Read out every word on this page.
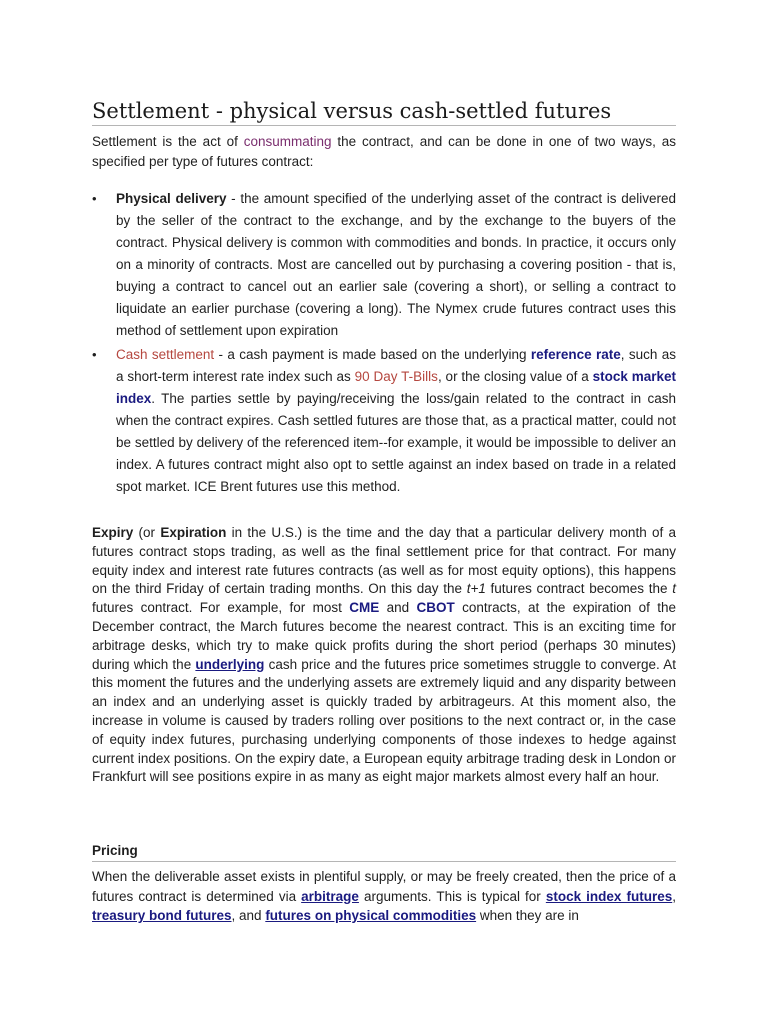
Settlement - physical versus cash-settled futures

Settlement is the act of consummating the contract, and can be done in one of two ways, as specified per type of futures contract:

•	Physical delivery - the amount specified of the underlying asset of the contract is delivered by the seller of the contract to the exchange, and by the exchange to the buyers of the contract. Physical delivery is common with commodities and bonds. In practice, it occurs only on a minority of contracts. Most are cancelled out by purchasing a covering position - that is, buying a contract to cancel out an earlier sale (covering a short), or selling a contract to liquidate an earlier purchase (covering a long). The Nymex crude futures contract uses this method of settlement upon expiration
•	Cash settlement - a cash payment is made based on the underlying reference rate, such as a short-term interest rate index such as 90 Day T-Bills, or the closing value of a stock market index. The parties settle by paying/receiving the loss/gain related to the contract in cash when the contract expires. Cash settled futures are those that, as a practical matter, could not be settled by delivery of the referenced item--for example, it would be impossible to deliver an index. A futures contract might also opt to settle against an index based on trade in a related spot market. ICE Brent futures use this method.

Expiry (or Expiration in the U.S.) is the time and the day that a particular delivery month of a futures contract stops trading, as well as the final settlement price for that contract. For many equity index and interest rate futures contracts (as well as for most equity options), this happens on the third Friday of certain trading months. On this day the t+1 futures contract becomes the t futures contract. For example, for most CME and CBOT contracts, at the expiration of the December contract, the March futures become the nearest contract. This is an exciting time for arbitrage desks, which try to make quick profits during the short period (perhaps 30 minutes) during which the underlying cash price and the futures price sometimes struggle to converge. At this moment the futures and the underlying assets are extremely liquid and any disparity between an index and an underlying asset is quickly traded by arbitrageurs. At this moment also, the increase in volume is caused by traders rolling over positions to the next contract or, in the case of equity index futures, purchasing underlying components of those indexes to hedge against current index positions. On the expiry date, a European equity arbitrage trading desk in London or Frankfurt will see positions expire in as many as eight major markets almost every half an hour.

Pricing

When the deliverable asset exists in plentiful supply, or may be freely created, then the price of a futures contract is determined via arbitrage arguments. This is typical for stock index futures, treasury bond futures, and futures on physical commodities when they are in
